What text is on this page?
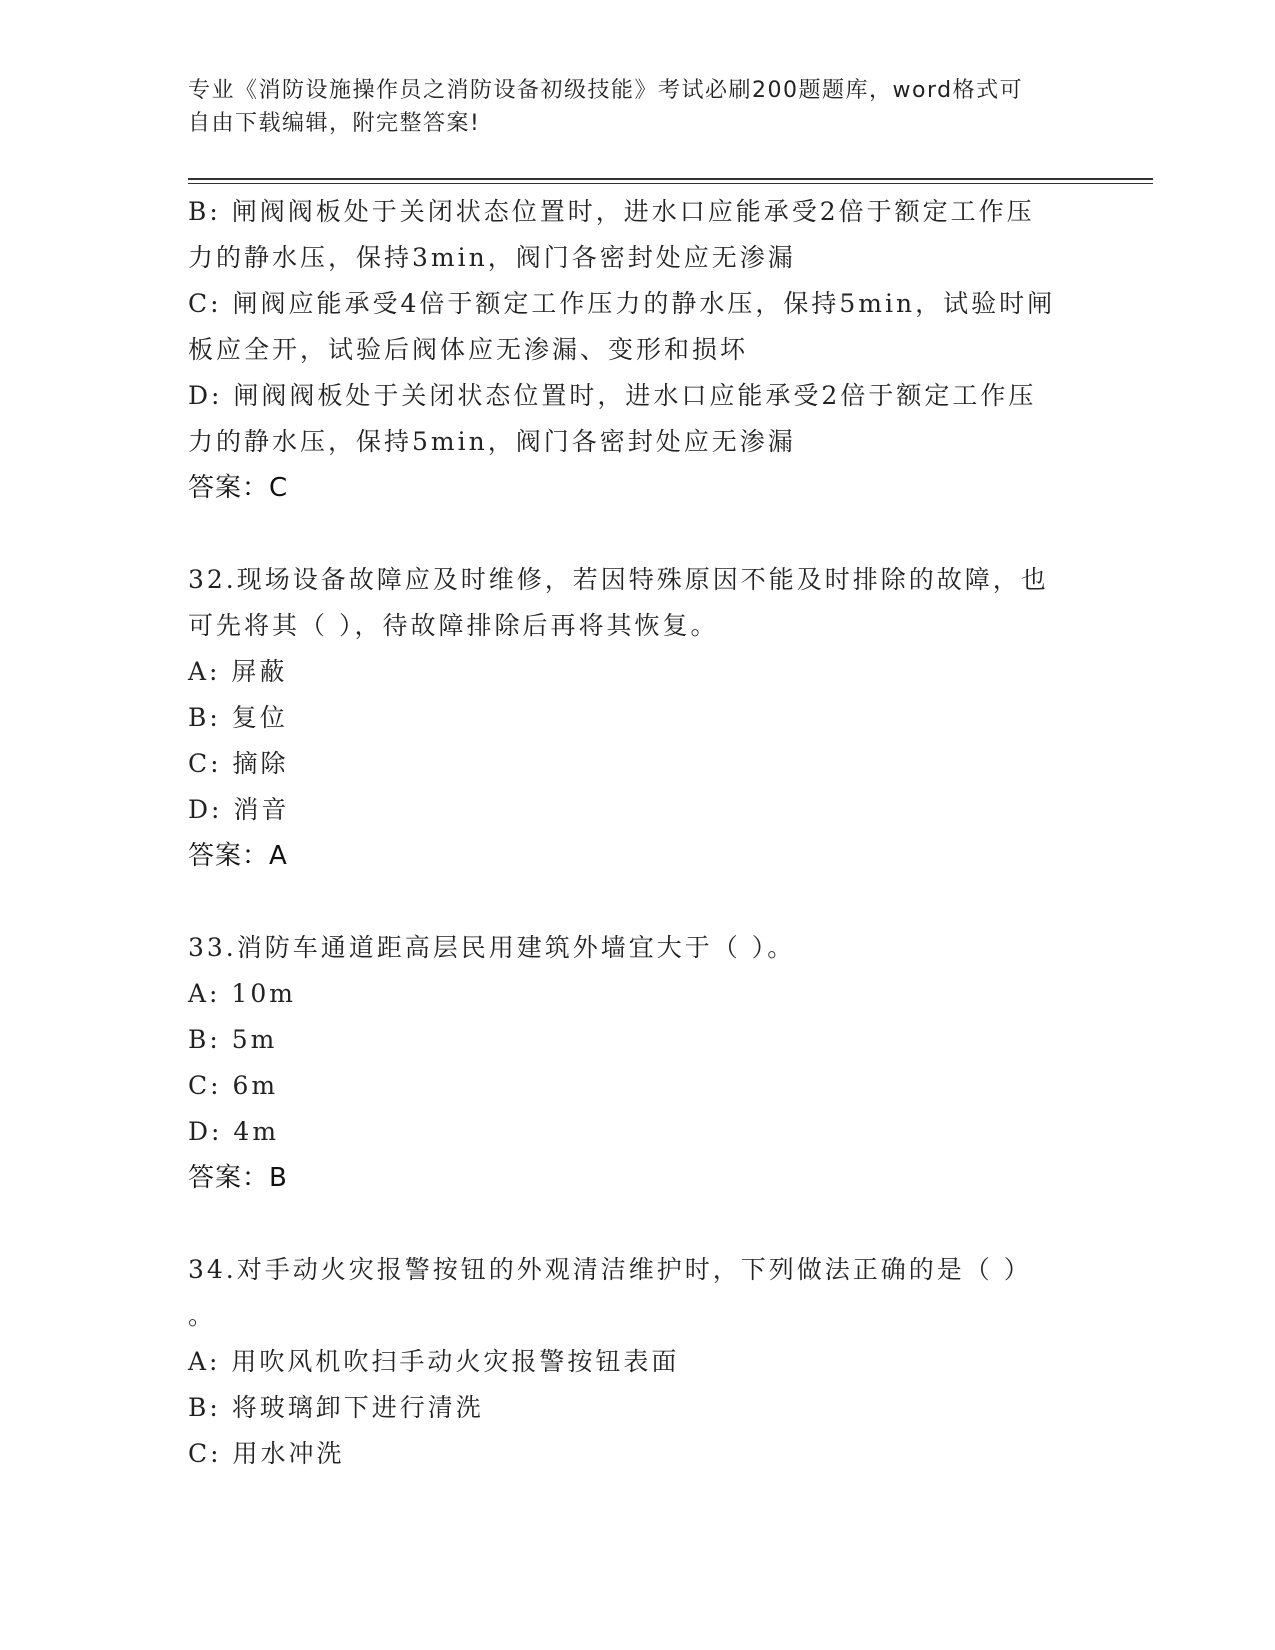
专业《消防设施操作员之消防设备初级技能》考试必刷200题题库，word格式可
自由下载编辑，附完整答案!
B: 闸阀阀板处于关闭状态位置时，进水口应能承受2倍于额定工作压
力的静水压，保持3min，阀门各密封处应无渗漏
C: 闸阀应能承受4倍于额定工作压力的静水压，保持5min，试验时闸
板应全开，试验后阀体应无渗漏、变形和损坏
D: 闸阀阀板处于关闭状态位置时，进水口应能承受2倍于额定工作压
力的静水压，保持5min，阀门各密封处应无渗漏
答案：C
32.现场设备故障应及时维修，若因特殊原因不能及时排除的故障，也
可先将其（ ），待故障排除后再将其恢复。
A: 屏蔽
B: 复位
C: 摘除
D: 消音
答案：A
33.消防车通道距高层民用建筑外墙宜大于（ ）。
A: 10m
B: 5m
C: 6m
D: 4m
答案：B
34.对手动火灾报警按钮的外观清洁维护时，下列做法正确的是（ ）
。
A: 用吹风机吹扫手动火灾报警按钮表面
B: 将玻璃卸下进行清洗
C: 用水冲洗
